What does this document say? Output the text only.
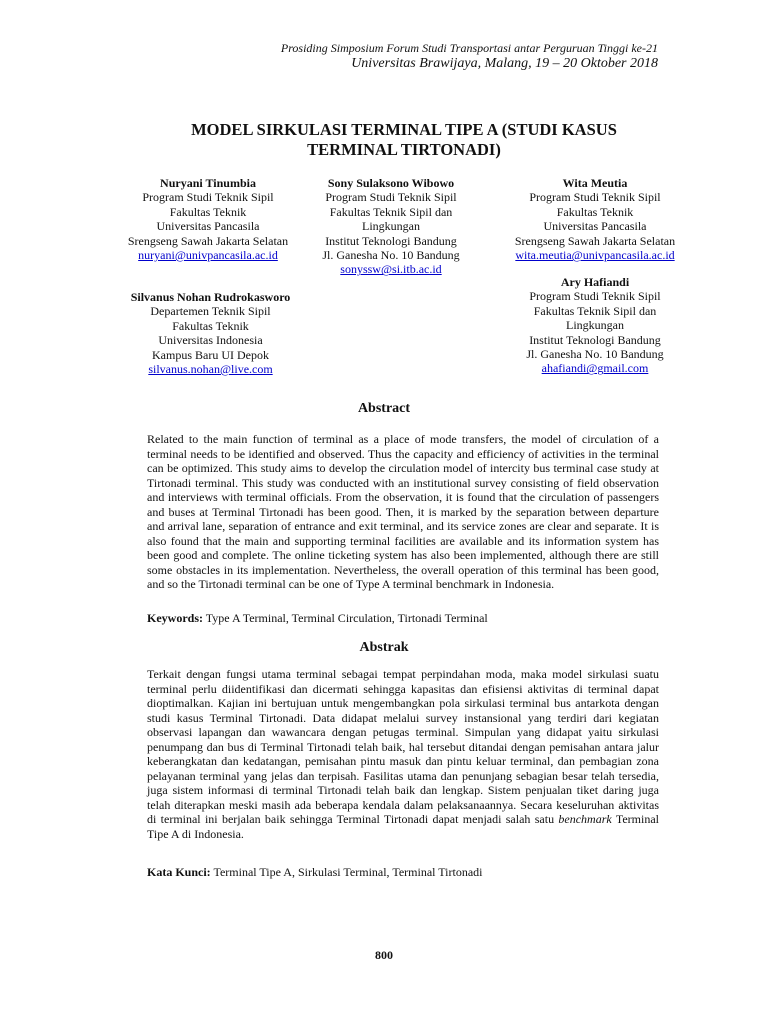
Prosiding Simposium Forum Studi Transportasi antar Perguruan Tinggi ke-21
Universitas Brawijaya, Malang, 19 – 20 Oktober 2018
MODEL SIRKULASI TERMINAL TIPE A (STUDI KASUS
TERMINAL TIRTONADI)
Nuryani Tinumbia
Program Studi Teknik Sipil
Fakultas Teknik
Universitas Pancasila
Srengseng Sawah Jakarta Selatan
nuryani@univpancasila.ac.id
Sony Sulaksono Wibowo
Program Studi Teknik Sipil
Fakultas Teknik Sipil dan
Lingkungan
Institut Teknologi Bandung
Jl. Ganesha No. 10 Bandung
sonyssw@si.itb.ac.id
Wita Meutia
Program Studi Teknik Sipil
Fakultas Teknik
Universitas Pancasila
Srengseng Sawah Jakarta Selatan
wita.meutia@univpancasila.ac.id
Silvanus Nohan Rudrokasworo
Departemen Teknik Sipil
Fakultas Teknik
Universitas Indonesia
Kampus Baru UI Depok
silvanus.nohan@live.com
Ary Hafiandi
Program Studi Teknik Sipil
Fakultas Teknik Sipil dan
Lingkungan
Institut Teknologi Bandung
Jl. Ganesha No. 10 Bandung
ahafiandi@gmail.com
Abstract
Related to the main function of terminal as a place of mode transfers, the model of circulation of a terminal needs to be identified and observed. Thus the capacity and efficiency of activities in the terminal can be optimized. This study aims to develop the circulation model of intercity bus terminal case study at Tirtonadi terminal. This study was conducted with an institutional survey consisting of field observation and interviews with terminal officials. From the observation, it is found that the circulation of passengers and buses at Terminal Tirtonadi has been good. Then, it is marked by the separation between departure and arrival lane, separation of entrance and exit terminal, and its service zones are clear and separate. It is also found that the main and supporting terminal facilities are available and its information system has been good and complete. The online ticketing system has also been implemented, although there are still some obstacles in its implementation. Nevertheless, the overall operation of this terminal has been good, and so the Tirtonadi terminal can be one of Type A terminal benchmark in Indonesia.
Keywords: Type A Terminal, Terminal Circulation, Tirtonadi Terminal
Abstrak
Terkait dengan fungsi utama terminal sebagai tempat perpindahan moda, maka model sirkulasi suatu terminal perlu diidentifikasi dan dicermati sehingga kapasitas dan efisiensi aktivitas di terminal dapat dioptimalkan. Kajian ini bertujuan untuk mengembangkan pola sirkulasi terminal bus antarkota dengan studi kasus Terminal Tirtonadi. Data didapat melalui survey instansional yang terdiri dari kegiatan observasi lapangan dan wawancara dengan petugas terminal. Simpulan yang didapat yaitu sirkulasi penumpang dan bus di Terminal Tirtonadi telah baik, hal tersebut ditandai dengan pemisahan antara jalur keberangkatan dan kedatangan, pemisahan pintu masuk dan pintu keluar terminal, dan pembagian zona pelayanan terminal yang jelas dan terpisah. Fasilitas utama dan penunjang sebagian besar telah tersedia, juga sistem informasi di terminal Tirtonadi telah baik dan lengkap. Sistem penjualan tiket daring juga telah diterapkan meski masih ada beberapa kendala dalam pelaksanaannya. Secara keseluruhan aktivitas di terminal ini berjalan baik sehingga Terminal Tirtonadi dapat menjadi salah satu benchmark Terminal Tipe A di Indonesia.
Kata Kunci: Terminal Tipe A, Sirkulasi Terminal, Terminal Tirtonadi
800
